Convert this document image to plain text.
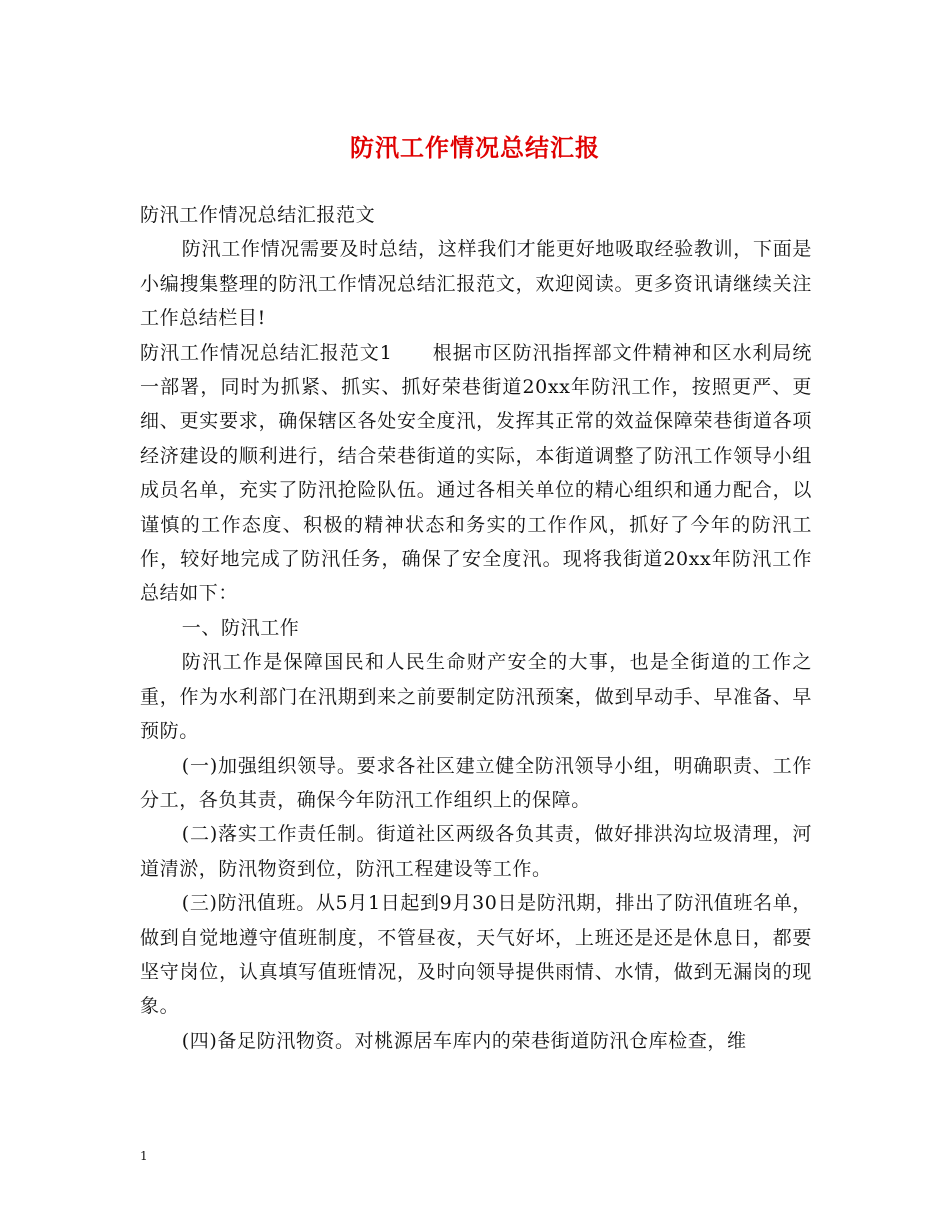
防汛工作情况总结汇报

防汛工作情况总结汇报范文

防汛工作情况需要及时总结，这样我们才能更好地吸取经验教训，下面是小编搜集整理的防汛工作情况总结汇报范文，欢迎阅读。更多资讯请继续关注工作总结栏目!

防汛工作情况总结汇报范文1　　根据市区防汛指挥部文件精神和区水利局统一部署，同时为抓紧、抓实、抓好荣巷街道20xx年防汛工作，按照更严、更细、更实要求，确保辖区各处安全度汛，发挥其正常的效益保障荣巷街道各项经济建设的顺利进行，结合荣巷街道的实际，本街道调整了防汛工作领导小组成员名单，充实了防汛抢险队伍。通过各相关单位的精心组织和通力配合，以谨慎的工作态度、积极的精神状态和务实的工作作风，抓好了今年的防汛工作，较好地完成了防汛任务，确保了安全度汛。现将我街道20xx年防汛工作总结如下：

一、防汛工作

防汛工作是保障国民和人民生命财产安全的大事，也是全街道的工作之重，作为水利部门在汛期到来之前要制定防汛预案，做到早动手、早准备、早预防。

(一)加强组织领导。要求各社区建立健全防汛领导小组，明确职责、工作分工，各负其责，确保今年防汛工作组织上的保障。

(二)落实工作责任制。街道社区两级各负其责，做好排洪沟垃圾清理，河道清淤，防汛物资到位，防汛工程建设等工作。

(三)防汛值班。从5月1日起到9月30日是防汛期，排出了防汛值班名单，做到自觉地遵守值班制度，不管昼夜，天气好坏，上班还是还是休息日，都要坚守岗位，认真填写值班情况，及时向领导提供雨情、水情，做到无漏岗的现象。

(四)备足防汛物资。对桃源居车库内的荣巷街道防汛仓库检查，维

1
